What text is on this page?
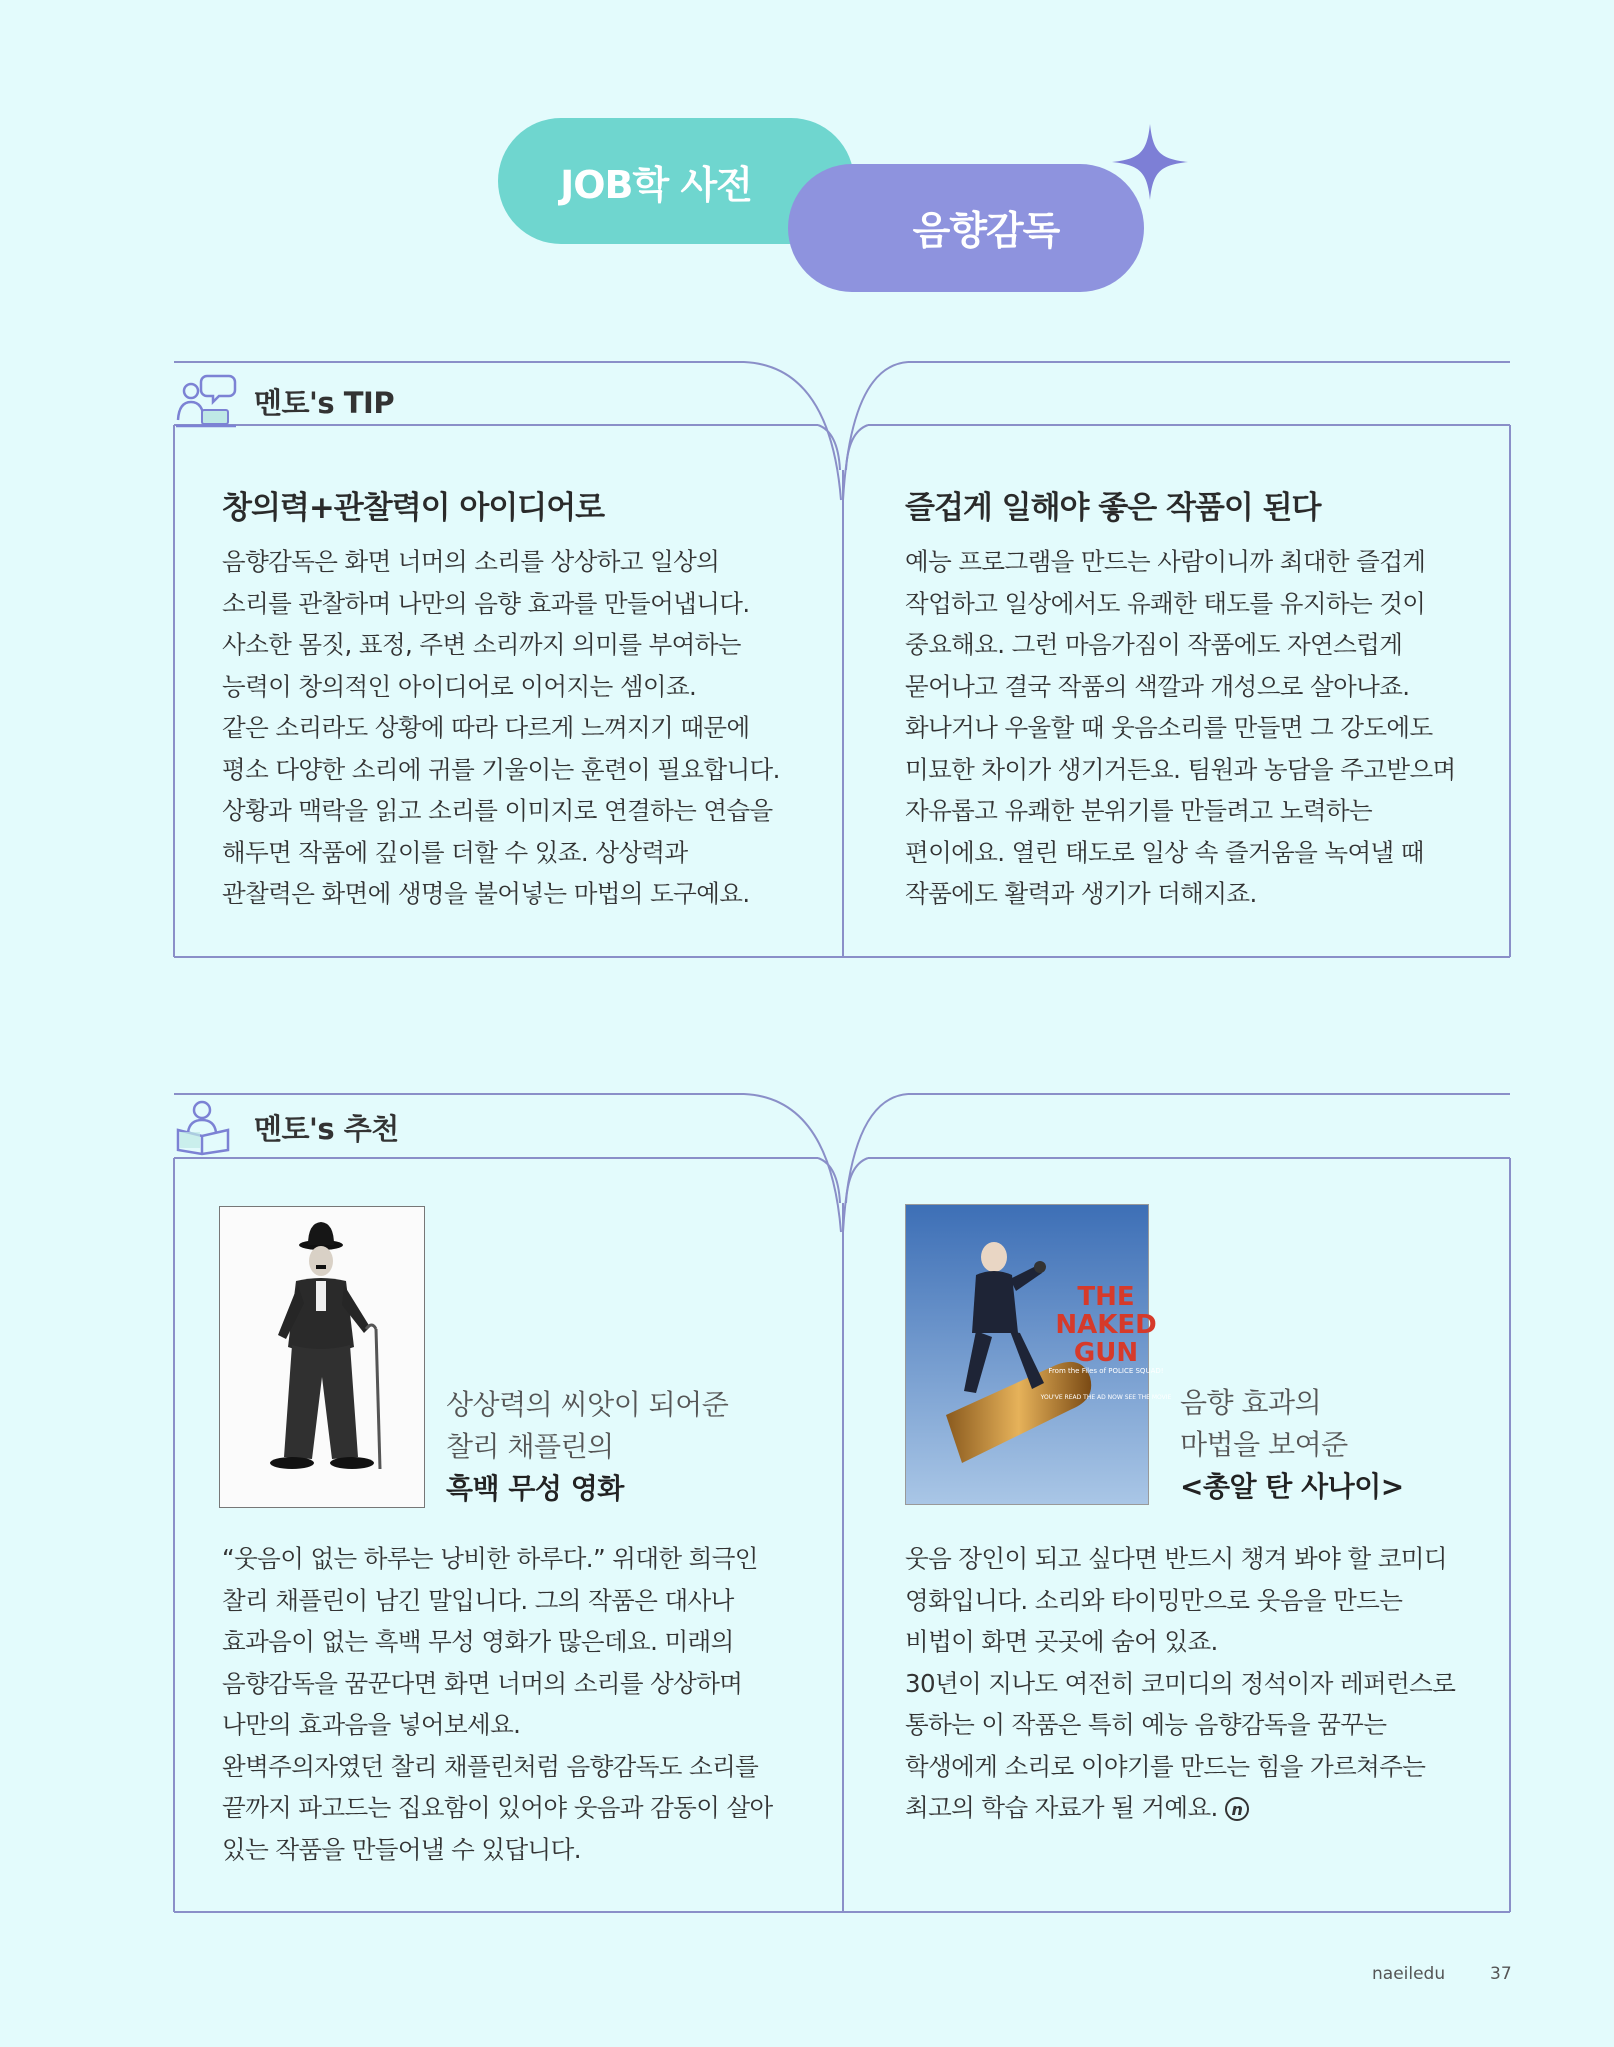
JOB학 사전
음향감독
멘토's TIP
창의력+관찰력이 아이디어로

음향감독은 화면 너머의 소리를 상상하고 일상의 소리를 관찰하며 나만의 음향 효과를 만들어냅니다. 사소한 몸짓, 표정, 주변 소리까지 의미를 부여하는 능력이 창의적인 아이디어로 이어지는 셈이죠.

같은 소리라도 상황에 따라 다르게 느껴지기 때문에 평소 다양한 소리에 귀를 기울이는 훈련이 필요합니다. 상황과 맥락을 읽고 소리를 이미지로 연결하는 연습을 해두면 작품에 깊이를 더할 수 있죠. 상상력과 관찰력은 화면에 생명을 불어넣는 마법의 도구예요.

즐겁게 일해야 좋은 작품이 된다

예능 프로그램을 만드는 사람이니까 최대한 즐겁게 작업하고 일상에서도 유쾌한 태도를 유지하는 것이 중요해요. 그런 마음가짐이 작품에도 자연스럽게 묻어나고 결국 작품의 색깔과 개성으로 살아나죠.

화나거나 우울할 때 웃음소리를 만들면 그 강도에도 미묘한 차이가 생기거든요. 팀원과 농담을 주고받으며 자유롭고 유쾌한 분위기를 만들려고 노력하는 편이에요. 열린 태도로 일상 속 즐거움을 녹여낼 때 작품에도 활력과 생기가 더해지죠.

멘토's 추천
상상력의 씨앗이 되어준
찰리 채플린의
흑백 무성 영화

“웃음이 없는 하루는 낭비한 하루다.” 위대한 희극인 찰리 채플린이 남긴 말입니다. 그의 작품은 대사나 효과음이 없는 흑백 무성 영화가 많은데요. 미래의 음향감독을 꿈꾼다면 화면 너머의 소리를 상상하며 나만의 효과음을 넣어보세요.

완벽주의자였던 찰리 채플린처럼 음향감독도 소리를 끝까지 파고드는 집요함이 있어야 웃음과 감동이 살아 있는 작품을 만들어낼 수 있답니다.

THE
NAKED
GUN
From the Files of POLICE SQUAD!
YOU'VE READ THE AD NOW SEE THE MOVIE 음향 효과의
마법을 보여준
<총알 탄 사나이>

웃음 장인이 되고 싶다면 반드시 챙겨 봐야 할 코미디 영화입니다. 소리와 타이밍만으로 웃음을 만드는 비법이 화면 곳곳에 숨어 있죠.

30년이 지나도 여전히 코미디의 정석이자 레퍼런스로 통하는 이 작품은 특히 예능 음향감독을 꿈꾸는 학생에게 소리로 이야기를 만드는 힘을 가르쳐주는 최고의 학습 자료가 될 거예요. n

naeiledu	37
